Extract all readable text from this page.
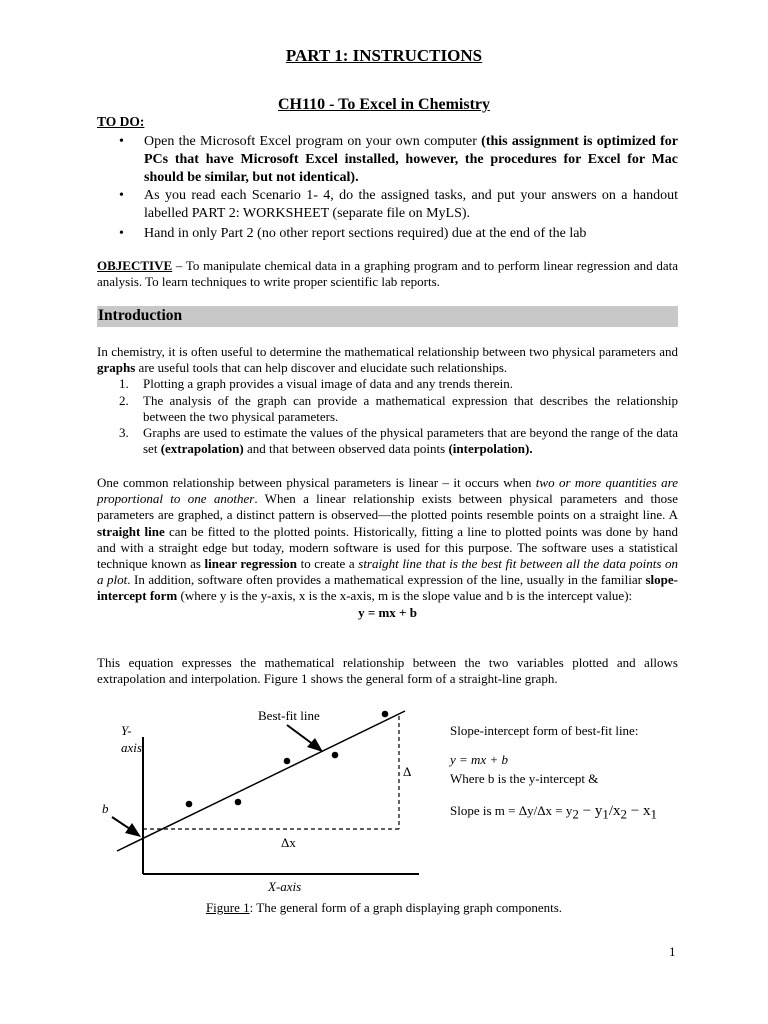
PART 1: INSTRUCTIONS
CH110 - To Excel in Chemistry
TO DO:
• Open the Microsoft Excel program on your own computer (this assignment is optimized for PCs that have Microsoft Excel installed, however, the procedures for Excel for Mac should be similar, but not identical).
• As you read each Scenario 1- 4, do the assigned tasks, and put your answers on a handout labelled PART 2: WORKSHEET (separate file on MyLS).
• Hand in only Part 2 (no other report sections required) due at the end of the lab
OBJECTIVE – To manipulate chemical data in a graphing program and to perform linear regression and data analysis. To learn techniques to write proper scientific lab reports.
Introduction
In chemistry, it is often useful to determine the mathematical relationship between two physical parameters and graphs are useful tools that can help discover and elucidate such relationships.
1. Plotting a graph provides a visual image of data and any trends therein.
2. The analysis of the graph can provide a mathematical expression that describes the relationship between the two physical parameters.
3. Graphs are used to estimate the values of the physical parameters that are beyond the range of the data set (extrapolation) and that between observed data points (interpolation).
One common relationship between physical parameters is linear – it occurs when two or more quantities are proportional to one another. When a linear relationship exists between physical parameters and those parameters are graphed, a distinct pattern is observed—the plotted points resemble points on a straight line. A straight line can be fitted to the plotted points. Historically, fitting a line to plotted points was done by hand and with a straight edge but today, modern software is used for this purpose. The software uses a statistical technique known as linear regression to create a straight line that is the best fit between all the data points on a plot. In addition, software often provides a mathematical expression of the line, usually in the familiar slope-intercept form (where y is the y-axis, x is the x-axis, m is the slope value and b is the intercept value):
y = mx + b
This equation expresses the mathematical relationship between the two variables plotted and allows extrapolation and interpolation. Figure 1 shows the general form of a straight-line graph.
Best-fit line
Y-
axis
b
Δ
Δx
X-axis
Slope-intercept form of best-fit line:
y = mx + b
Where b is the y-intercept &
Slope is $m = \Delta y/\Delta x = y_2 - y_1/x_2 - x_1$
Figure 1: The general form of a graph displaying graph components.
1
